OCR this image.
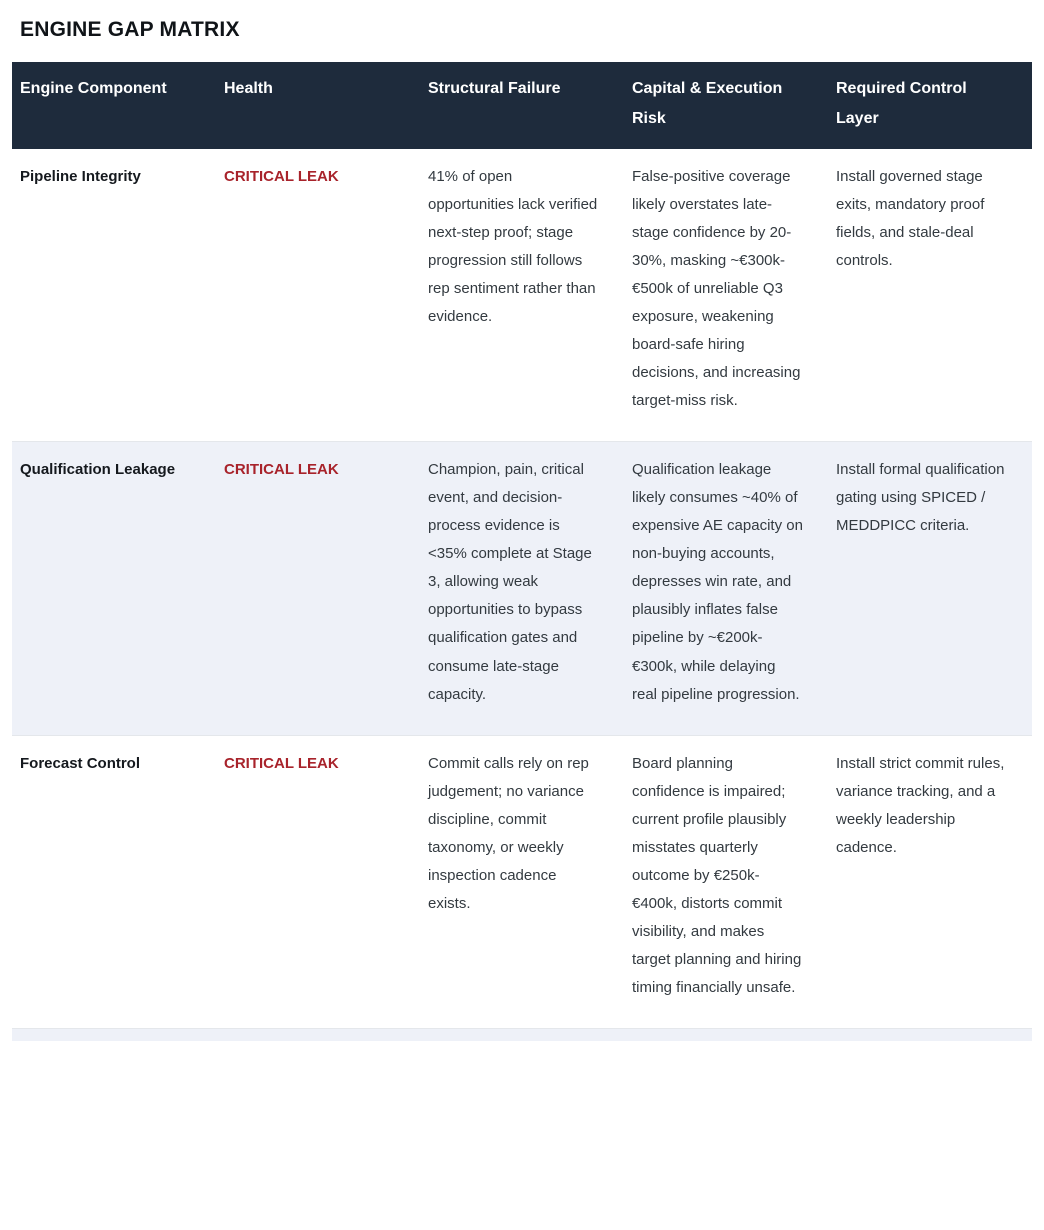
ENGINE GAP MATRIX
Engine Component	Health	Structural Failure	Capital & Execution Risk	Required Control Layer
Pipeline Integrity	CRITICAL LEAK	41% of open opportunities lack verified next-step proof; stage progression still follows rep sentiment rather than evidence.	False-positive coverage likely overstates late-stage confidence by 20-30%, masking ~€300k-€500k of unreliable Q3 exposure, weakening board-safe hiring decisions, and increasing target-miss risk.	Install governed stage exits, mandatory proof fields, and stale-deal controls.
Qualification Leakage	CRITICAL LEAK	Champion, pain, critical event, and decision-process evidence is <35% complete at Stage 3, allowing weak opportunities to bypass qualification gates and consume late-stage capacity.	Qualification leakage likely consumes ~40% of expensive AE capacity on non-buying accounts, depresses win rate, and plausibly inflates false pipeline by ~€200k-€300k, while delaying real pipeline progression.	Install formal qualification gating using SPICED / MEDDPICC criteria.
Forecast Control	CRITICAL LEAK	Commit calls rely on rep judgement; no variance discipline, commit taxonomy, or weekly inspection cadence exists.	Board planning confidence is impaired; current profile plausibly misstates quarterly outcome by €250k-€400k, distorts commit visibility, and makes target planning and hiring timing financially unsafe.	Install strict commit rules, variance tracking, and a weekly leadership cadence.
